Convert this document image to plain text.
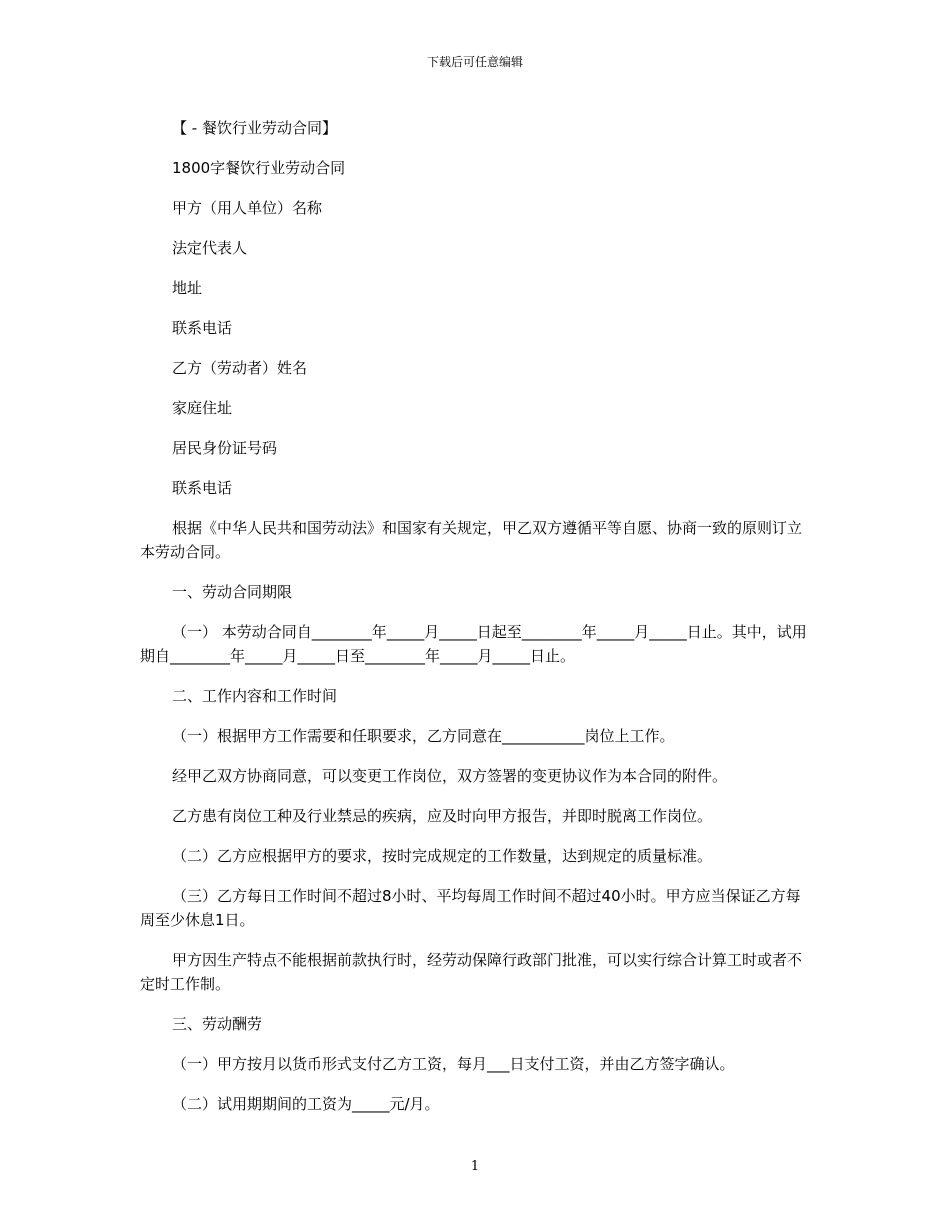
下载后可任意编辑

【 - 餐饮行业劳动合同】

1800字餐饮行业劳动合同

甲方（用人单位）名称

法定代表人

地址

联系电话

乙方（劳动者）姓名

家庭住址

居民身份证号码

联系电话

根据《中华人民共和国劳动法》和国家有关规定，甲乙双方遵循平等自愿、协商一致的原则订立本劳动合同。

一、劳动合同期限

（一） 本劳动合同自________年_____月_____日起至________年_____月_____日止。其中，试用期自________年_____月_____日至________年_____月_____日止。

二、工作内容和工作时间

（一）根据甲方工作需要和任职要求，乙方同意在___________岗位上工作。

经甲乙双方协商同意，可以变更工作岗位，双方签署的变更协议作为本合同的附件。

乙方患有岗位工种及行业禁忌的疾病，应及时向甲方报告，并即时脱离工作岗位。

（二）乙方应根据甲方的要求，按时完成规定的工作数量，达到规定的质量标准。

（三）乙方每日工作时间不超过8小时、平均每周工作时间不超过40小时。甲方应当保证乙方每周至少休息1日。

甲方因生产特点不能根据前款执行时，经劳动保障行政部门批准，可以实行综合计算工时或者不定时工作制。

三、劳动酬劳

（一）甲方按月以货币形式支付乙方工资，每月___日支付工资，并由乙方签字确认。

（二）试用期期间的工资为_____元/月。

1
